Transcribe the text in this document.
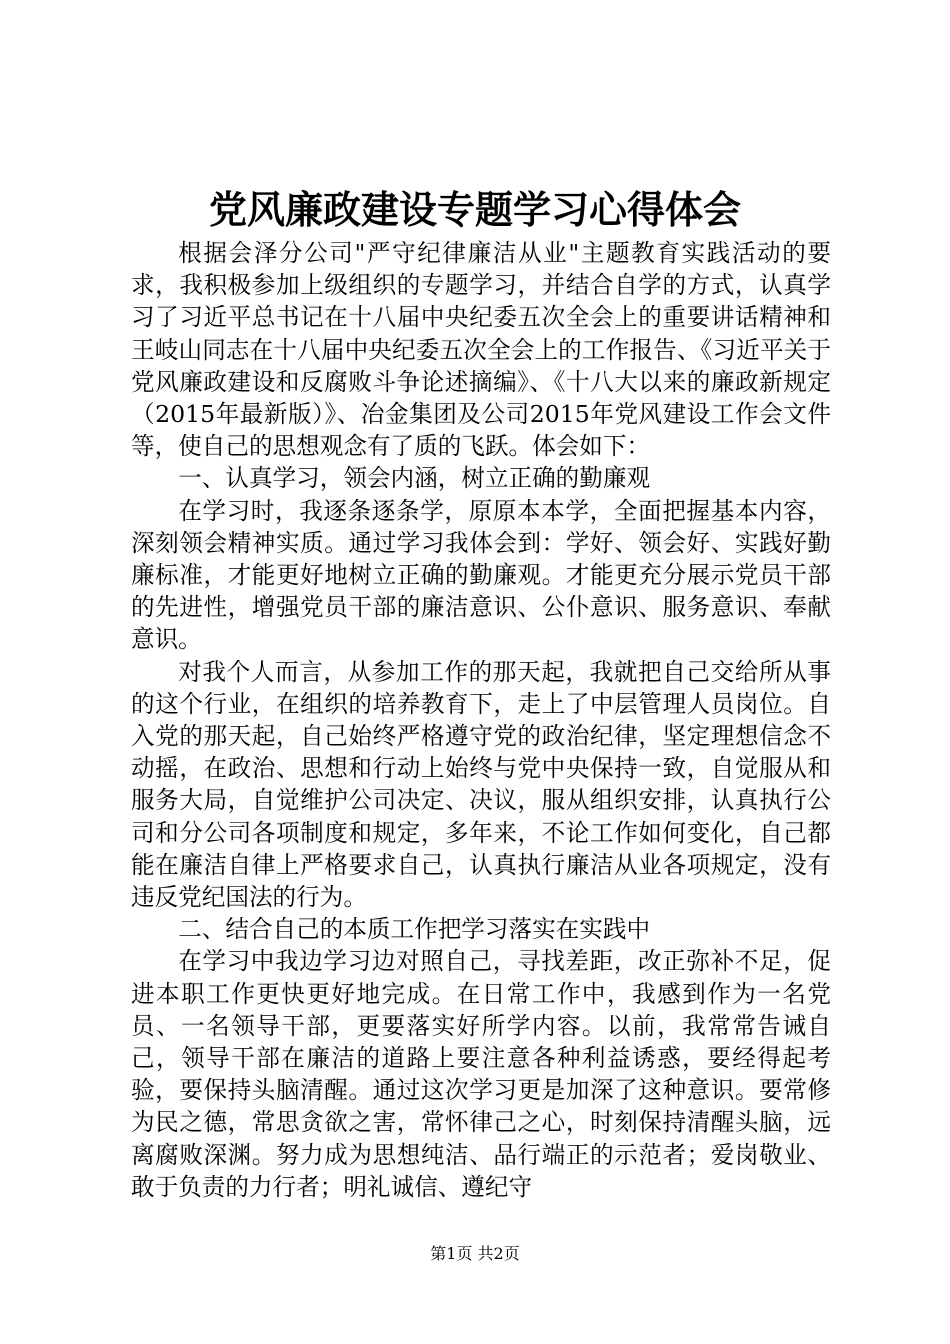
党风廉政建设专题学习心得体会

根据会泽分公司"严守纪律廉洁从业"主题教育实践活动的要求，我积极参加上级组织的专题学习，并结合自学的方式，认真学习了习近平总书记在十八届中央纪委五次全会上的重要讲话精神和王岐山同志在十八届中央纪委五次全会上的工作报告、《习近平关于党风廉政建设和反腐败斗争论述摘编》、《十八大以来的廉政新规定（2015年最新版）》、冶金集团及公司2015年党风建设工作会文件等，使自己的思想观念有了质的飞跃。体会如下：

一、认真学习，领会内涵，树立正确的勤廉观

在学习时，我逐条逐条学，原原本本学，全面把握基本内容，深刻领会精神实质。通过学习我体会到：学好、领会好、实践好勤廉标准，才能更好地树立正确的勤廉观。才能更充分展示党员干部的先进性，增强党员干部的廉洁意识、公仆意识、服务意识、奉献意识。

对我个人而言，从参加工作的那天起，我就把自己交给所从事的这个行业，在组织的培养教育下，走上了中层管理人员岗位。自入党的那天起，自己始终严格遵守党的政治纪律，坚定理想信念不动摇，在政治、思想和行动上始终与党中央保持一致，自觉服从和服务大局，自觉维护公司决定、决议，服从组织安排，认真执行公司和分公司各项制度和规定，多年来，不论工作如何变化，自己都能在廉洁自律上严格要求自己，认真执行廉洁从业各项规定，没有违反党纪国法的行为。

二、结合自己的本质工作把学习落实在实践中

在学习中我边学习边对照自己，寻找差距，改正弥补不足，促进本职工作更快更好地完成。在日常工作中，我感到作为一名党员、一名领导干部，更要落实好所学内容。以前，我常常告诫自己，领导干部在廉洁的道路上要注意各种利益诱惑，要经得起考验，要保持头脑清醒。通过这次学习更是加深了这种意识。要常修为民之德，常思贪欲之害，常怀律己之心，时刻保持清醒头脑，远离腐败深渊。努力成为思想纯洁、品行端正的示范者；爱岗敬业、敢于负责的力行者；明礼诚信、遵纪守

第1页 共2页
